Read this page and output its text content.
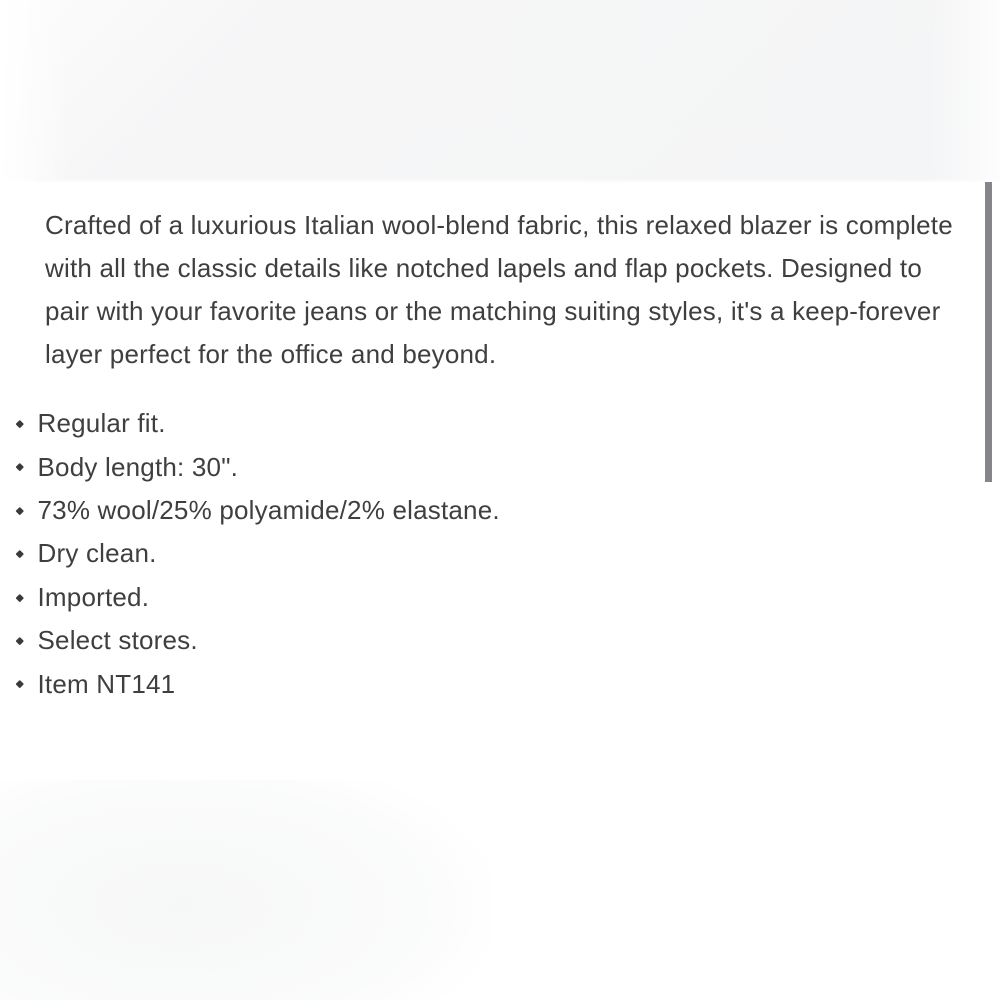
Crafted of a luxurious Italian wool-blend fabric, this relaxed blazer is complete with all the classic details like notched lapels and flap pockets. Designed to pair with your favorite jeans or the matching suiting styles, it's a keep-forever layer perfect for the office and beyond.

Regular fit.
Body length: 30".
73% wool/25% polyamide/2% elastane.
Dry clean.
Imported.
Select stores.
Item NT141
